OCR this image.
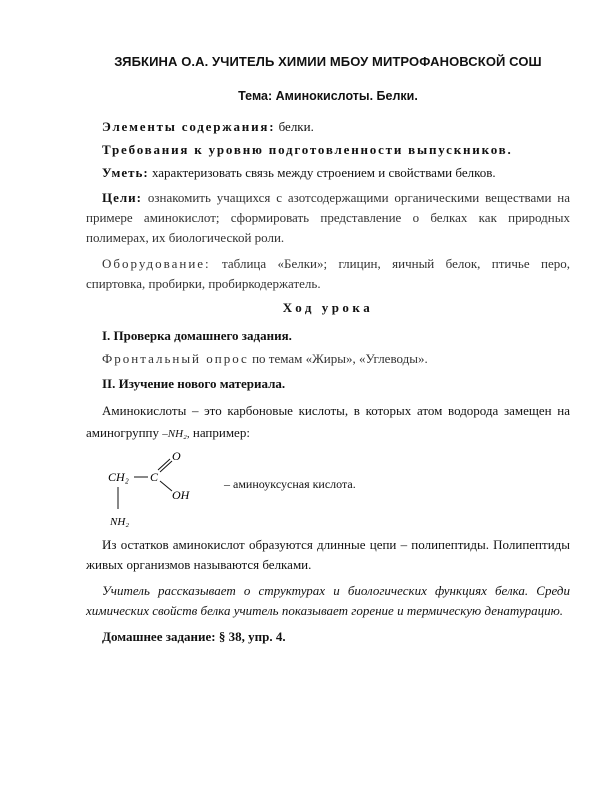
ЗЯБКИНА О.А. УЧИТЕЛЬ ХИМИИ МБОУ МИТРОФАНОВСКОЙ СОШ
Тема: Аминокислоты. Белки.
Элементы содержания: белки.
Требования к уровню подготовленности выпускников.
Уметь: характеризовать связь между строением и свойствами белков.
Цели: ознакомить учащихся с азотсодержащими органическими веществами на примере аминокислот; сформировать представление о белках как природных полимерах, их биологической роли.
Оборудование: таблица «Белки»; глицин, яичный белок, птичье перо, спиртовка, пробирки, пробиркодержатель.
Ход урока
I. Проверка домашнего задания.
Фронтальный опрос по темам «Жиры», «Углеводы».
II. Изучение нового материала.
Аминокислоты – это карбоновые кислоты, в которых атом водорода замещен на аминогруппу –NH₂, например:
CH₂ C
O
OH
NH₂
– аминоуксусная кислота.
Из остатков аминокислот образуются длинные цепи – полипептиды. Полипептиды живых организмов называются белками.
Учитель рассказывает о структурах и биологических функциях белка. Среди химических свойств белка учитель показывает горение и термическую денатурацию.
Домашнее задание: § 38, упр. 4.
